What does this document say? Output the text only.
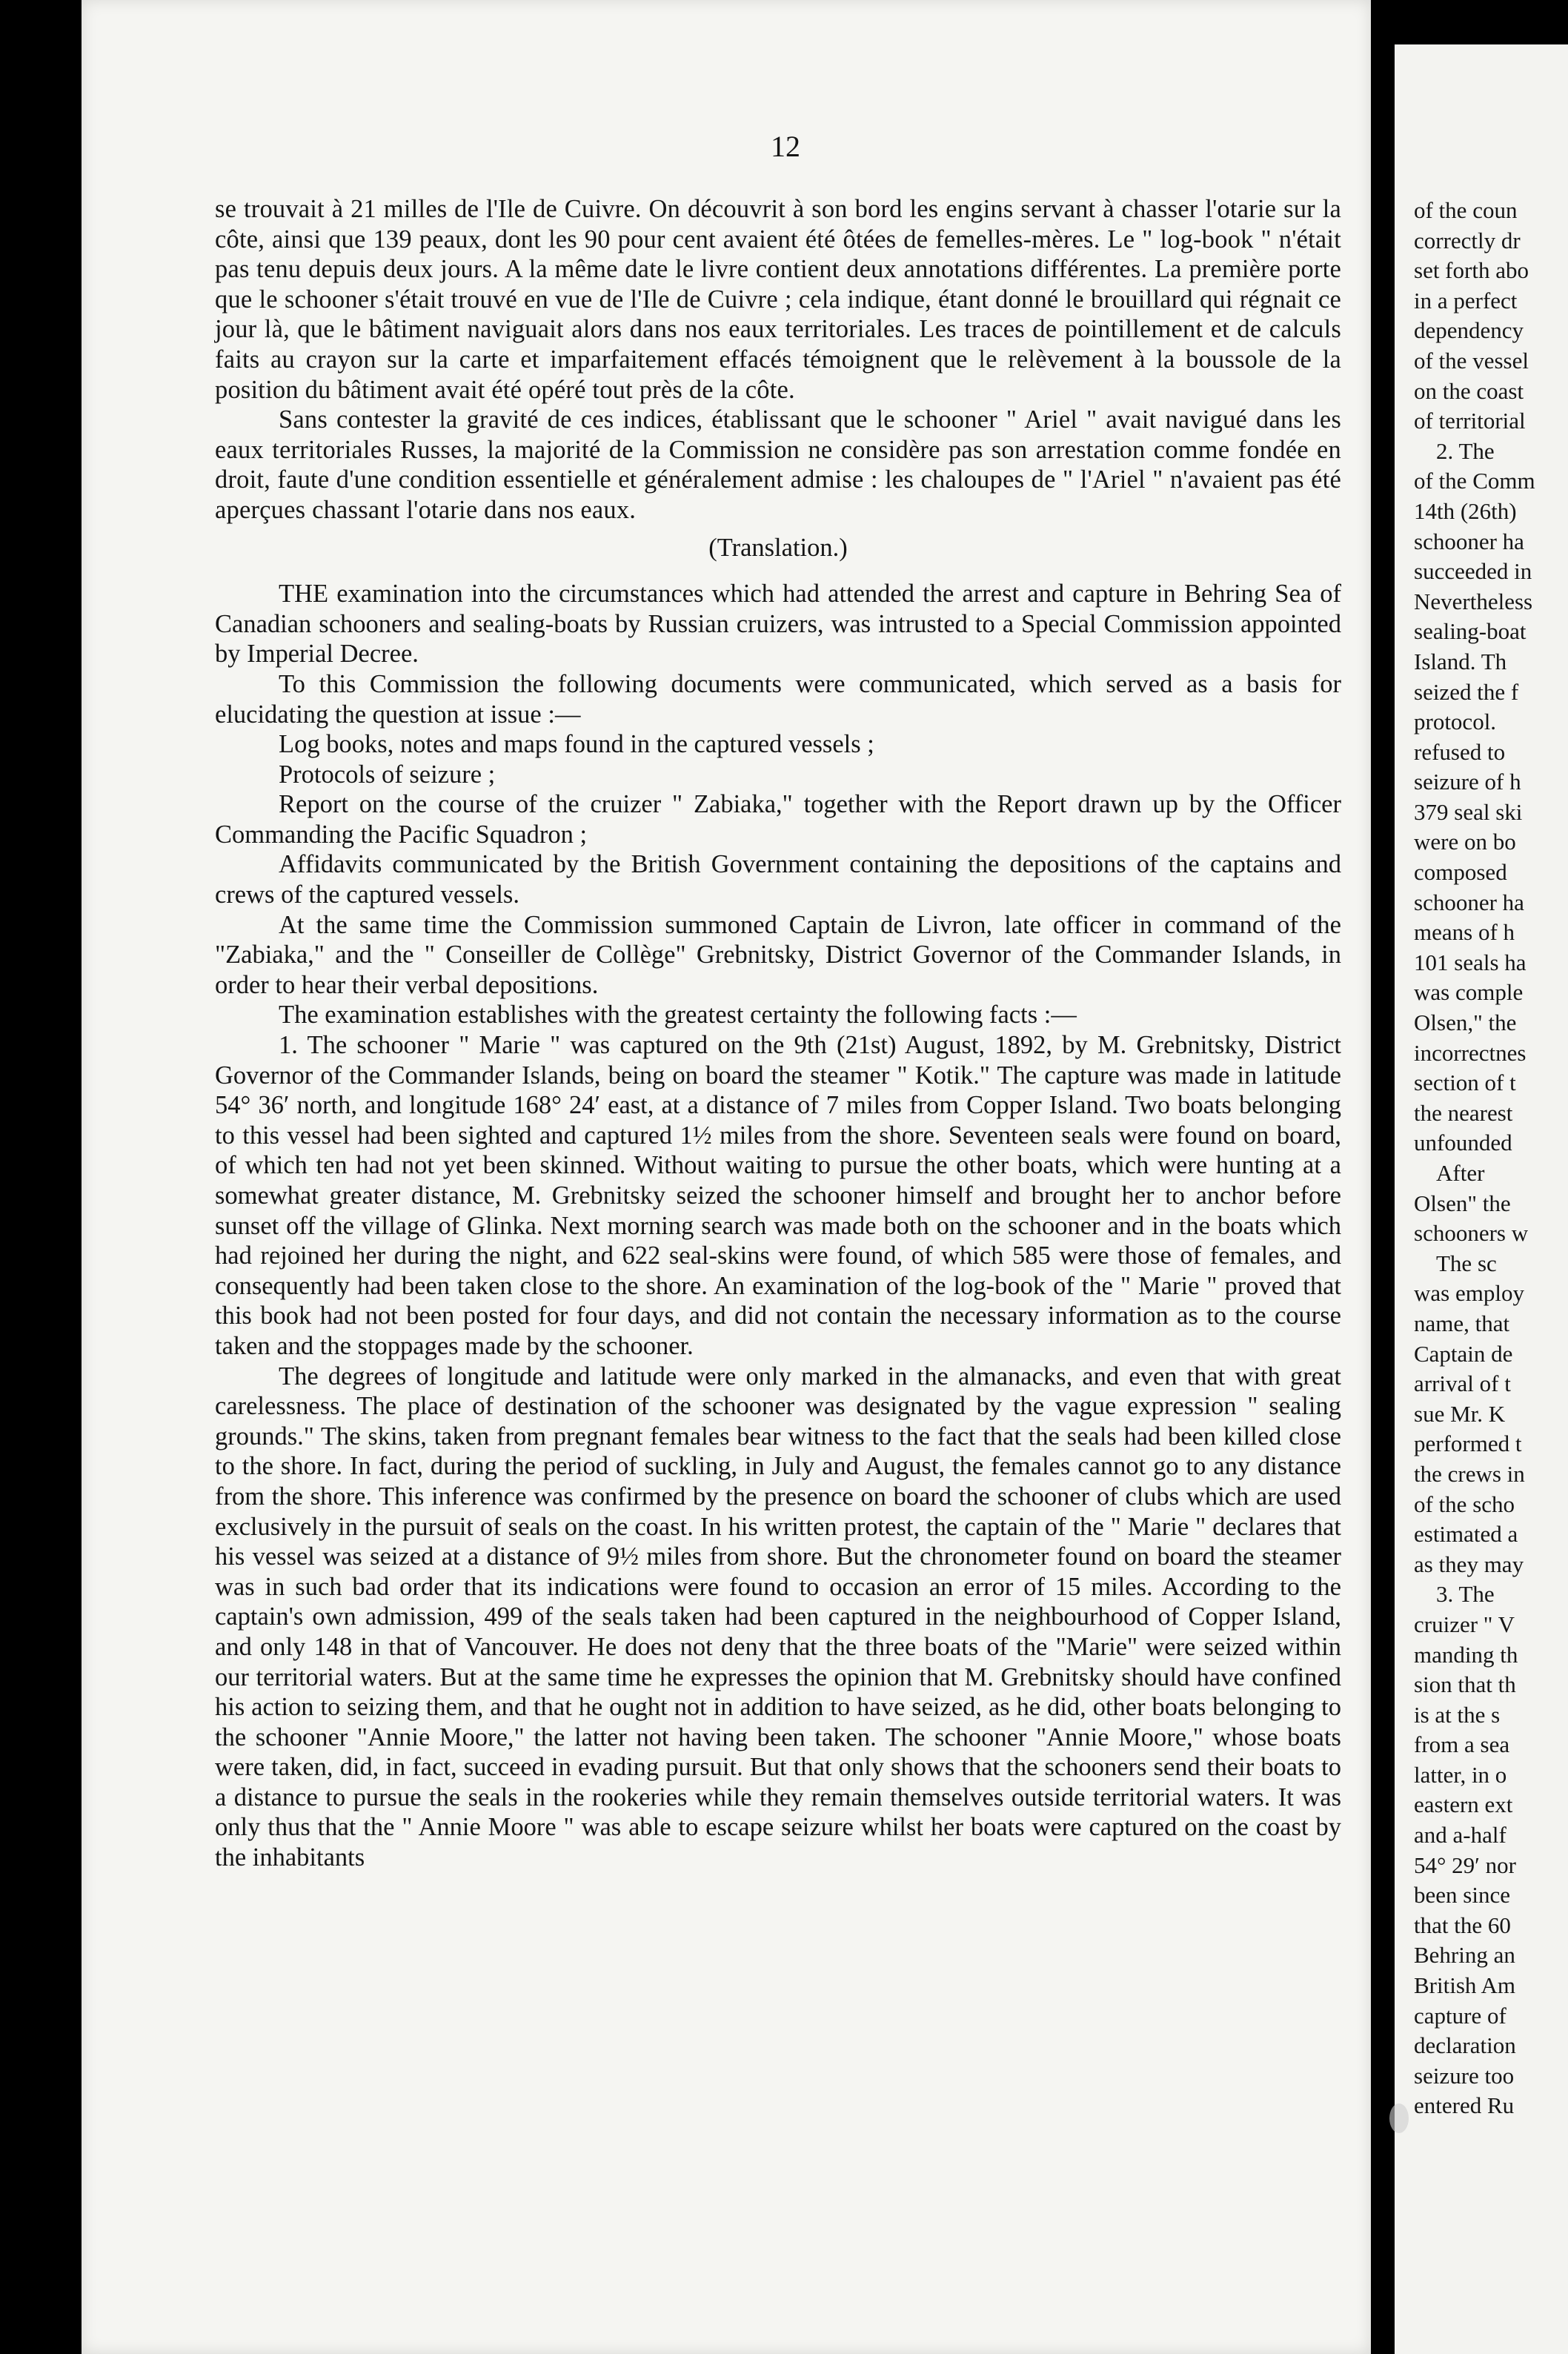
12

se trouvait à 21 milles de l'Ile de Cuivre. On découvrit à son bord les engins servant à chasser l'otarie sur la côte, ainsi que 139 peaux, dont les 90 pour cent avaient été ôtées de femelles-mères. Le " log-book " n'était pas tenu depuis deux jours. A la même date le livre contient deux annotations différentes. La première porte que le schooner s'était trouvé en vue de l'Ile de Cuivre ; cela indique, étant donné le brouillard qui régnait ce jour là, que le bâtiment naviguait alors dans nos eaux territoriales. Les traces de pointillement et de calculs faits au crayon sur la carte et imparfaitement effacés témoignent que le relèvement à la boussole de la position du bâtiment avait été opéré tout près de la côte.

Sans contester la gravité de ces indices, établissant que le schooner " Ariel " avait navigué dans les eaux territoriales Russes, la majorité de la Commission ne considère pas son arrestation comme fondée en droit, faute d'une condition essentielle et généralement admise : les chaloupes de " l'Ariel " n'avaient pas été aperçues chassant l'otarie dans nos eaux.

(Translation.)

THE examination into the circumstances which had attended the arrest and capture in Behring Sea of Canadian schooners and sealing-boats by Russian cruizers, was intrusted to a Special Commission appointed by Imperial Decree.

To this Commission the following documents were communicated, which served as a basis for elucidating the question at issue :—

Log books, notes and maps found in the captured vessels ;

Protocols of seizure ;

Report on the course of the cruizer " Zabiaka," together with the Report drawn up by the Officer Commanding the Pacific Squadron ;

Affidavits communicated by the British Government containing the depositions of the captains and crews of the captured vessels.

At the same time the Commission summoned Captain de Livron, late officer in command of the "Zabiaka," and the " Conseiller de Collège" Grebnitsky, District Governor of the Commander Islands, in order to hear their verbal depositions.

The examination establishes with the greatest certainty the following facts :—

1. The schooner " Marie " was captured on the 9th (21st) August, 1892, by M. Grebnitsky, District Governor of the Commander Islands, being on board the steamer " Kotik." The capture was made in latitude 54° 36′ north, and longitude 168° 24′ east, at a distance of 7 miles from Copper Island. Two boats belonging to this vessel had been sighted and captured 1½ miles from the shore. Seventeen seals were found on board, of which ten had not yet been skinned. Without waiting to pursue the other boats, which were hunting at a somewhat greater distance, M. Grebnitsky seized the schooner himself and brought her to anchor before sunset off the village of Glinka. Next morning search was made both on the schooner and in the boats which had rejoined her during the night, and 622 seal-skins were found, of which 585 were those of females, and consequently had been taken close to the shore. An examination of the log-book of the " Marie " proved that this book had not been posted for four days, and did not contain the necessary information as to the course taken and the stoppages made by the schooner.

The degrees of longitude and latitude were only marked in the almanacks, and even that with great carelessness. The place of destination of the schooner was designated by the vague expression " sealing grounds." The skins, taken from pregnant females bear witness to the fact that the seals had been killed close to the shore. In fact, during the period of suckling, in July and August, the females cannot go to any distance from the shore. This inference was confirmed by the presence on board the schooner of clubs which are used exclusively in the pursuit of seals on the coast. In his written protest, the captain of the " Marie " declares that his vessel was seized at a distance of 9½ miles from shore. But the chronometer found on board the steamer was in such bad order that its indications were found to occasion an error of 15 miles. According to the captain's own admission, 499 of the seals taken had been captured in the neighbourhood of Copper Island, and only 148 in that of Vancouver. He does not deny that the three boats of the "Marie" were seized within our territorial waters. But at the same time he expresses the opinion that M. Grebnitsky should have confined his action to seizing them, and that he ought not in addition to have seized, as he did, other boats belonging to the schooner "Annie Moore," the latter not having been taken. The schooner "Annie Moore," whose boats were taken, did, in fact, succeed in evading pursuit. But that only shows that the schooners send their boats to a distance to pursue the seals in the rookeries while they remain themselves outside territorial waters. It was only thus that the " Annie Moore " was able to escape seizure whilst her boats were captured on the coast by the inhabitants

of the coun
correctly dr
set forth abo
in a perfect
dependency
of the vessel
on the coast
of territorial
2. The
of the Comm
14th (26th)
schooner ha
succeeded in
Nevertheless
sealing-boat
Island. Th
seized the f
protocol.
refused to
seizure of h
379 seal ski
were on bo
composed
schooner ha
means of h
101 seals ha
was comple
Olsen," the
incorrectnes
section of t
the nearest
unfounded
After
Olsen" the
schooners w
The sc
was employ
name, that
Captain de
arrival of t
sue Mr. K
performed t
the crews in
of the scho
estimated a
as they may
3. The
cruizer " V
manding th
sion that th
is at the s
from a sea
latter, in o
eastern ext
and a-half
54° 29′ nor
been since
that the 60
Behring an
British Am
capture of
declaration
seizure too
entered Ru
